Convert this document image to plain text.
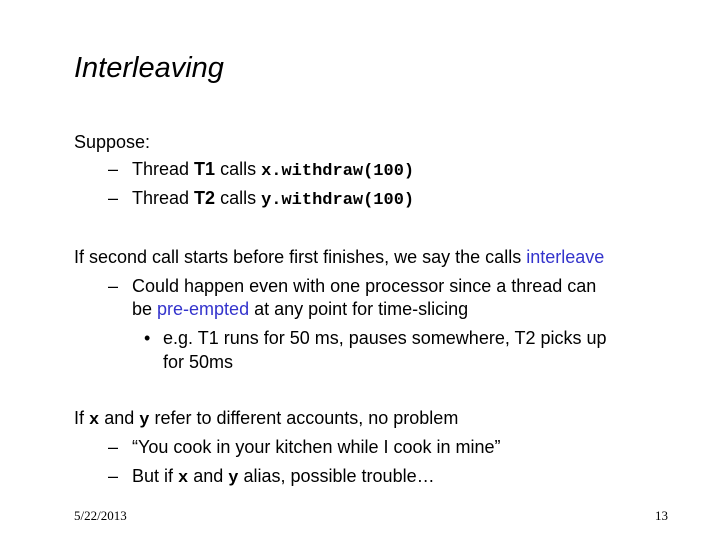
Interleaving
Suppose:
– Thread T1 calls x.withdraw(100)
– Thread T2 calls y.withdraw(100)
If second call starts before first finishes, we say the calls interleave
– Could happen even with one processor since a thread can
be pre-empted at any point for time-slicing
• e.g. T1 runs for 50 ms, pauses somewhere, T2 picks up
for 50ms
If x and y refer to different accounts, no problem
– “You cook in your kitchen while I cook in mine”
– But if x and y alias, possible trouble…
5/22/2013	13
